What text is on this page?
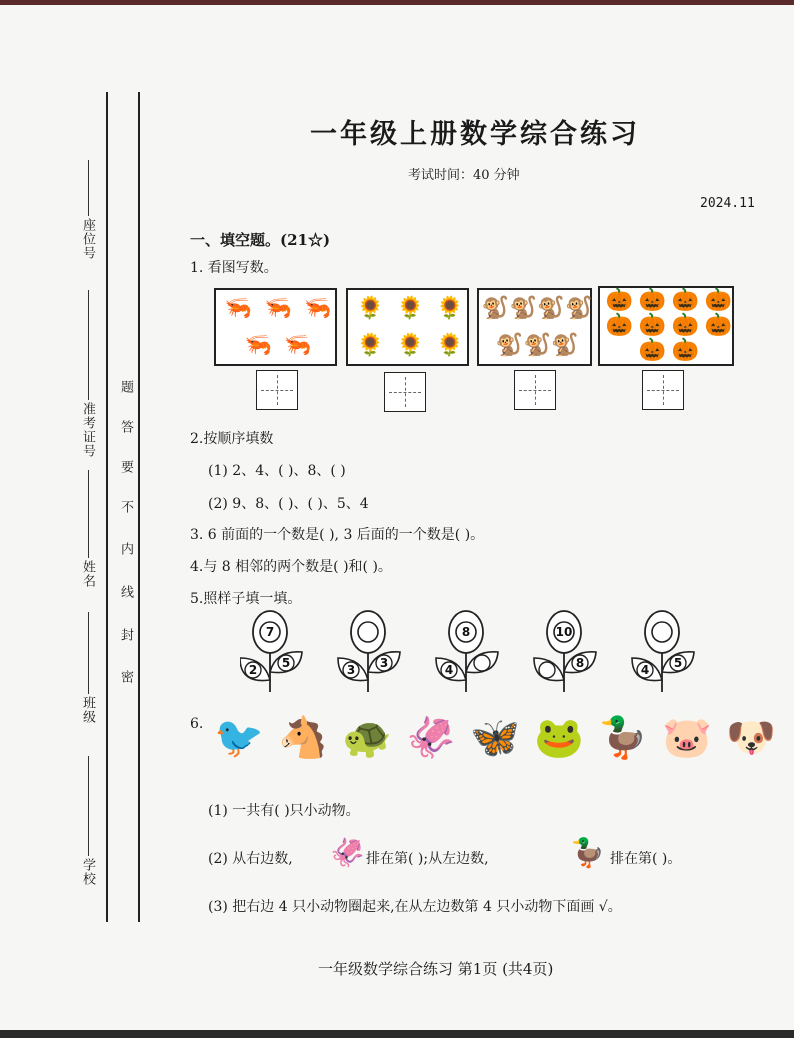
座位号
准考证号
姓名
班级
学校
题
答
要
不
内
线
封
密
一年级上册数学综合练习
考试时间：40 分钟
2024.11
一、填空题。(21☆)
1. 看图写数。
🦐 🦐 🦐
🦐 🦐
🌻 🌻 🌻
🌻 🌻 🌻
🐒 🐒 🐒 🐒
🐒 🐒 🐒
🎃 🎃 🎃 🎃
🎃 🎃 🎃 🎃
🎃 🎃
2.按顺序填数
(1) 2、4、( )、8、( )
(2) 9、8、( )、( )、5、4
3. 6 前面的一个数是( ), 3 后面的一个数是( )。
4.与 8 相邻的两个数是( )和( )。
5.照样子填一填。
7
2 5	3 3
8
4
10
8	4 5
6. 🐦 🐴 🐢 🦑 🦋 🐸 🦆 🐷 🐶
(1) 一共有( )只小动物。
(2) 从右边数, 🦑 排在第( );从左边数,	🦆 排在第( )。
(3) 把右边 4 只小动物圈起来,在从左边数第 4 只小动物下面画 √。
一年级数学综合练习 第1页 (共4页)
